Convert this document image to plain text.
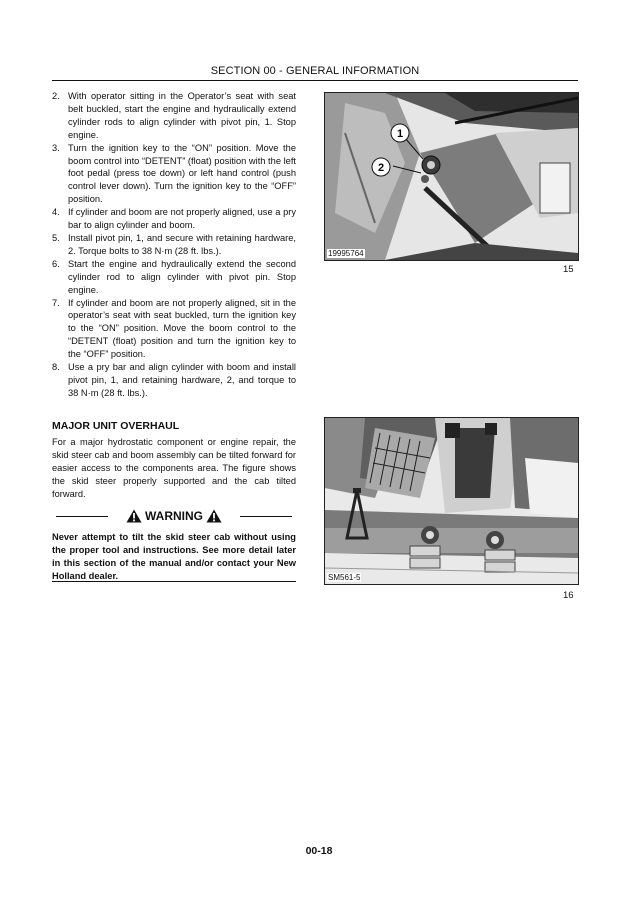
SECTION 00 - GENERAL INFORMATION
2. With operator sitting in the Operator’s seat with seat belt buckled, start the engine and hydraulically extend cylinder rods to align cylinder with pivot pin, 1. Stop engine.
3. Turn the ignition key to the “ON” position. Move the boom control into “DETENT” (float) position with the left foot pedal (press toe down) or left hand control (push control lever down). Turn the ignition key to the “OFF” position.
4. If cylinder and boom are not properly aligned, use a pry bar to align cylinder and boom.
5. Install pivot pin, 1, and secure with retaining hardware, 2. Torque bolts to 38 N·m (28 ft. lbs.).
6. Start the engine and hydraulically extend the second cylinder rod to align cylinder with pivot pin. Stop engine.
7. If cylinder and boom are not properly aligned, sit in the operator’s seat with seat buckled, turn the ignition key to the “ON” position. Move the boom control to the “DETENT (float) position and turn the ignition key to the “OFF” position.
8. Use a pry bar and align cylinder with boom and install pivot pin, 1, and retaining hardware, 2, and torque to 38 N·m (28 ft. lbs.).
MAJOR UNIT OVERHAUL
For a major hydrostatic component or engine repair, the skid steer cab and boom assembly can be tilted forward for easier access to the components area. The figure shows the skid steer properly supported and the cab tilted forward.
WARNING
Never attempt to tilt the skid steer cab without using the proper tool and instructions. See more detail later in this section of the manual and/or contact your New Holland dealer.
1
2
19995764
15
SM561-5
16
00-18
